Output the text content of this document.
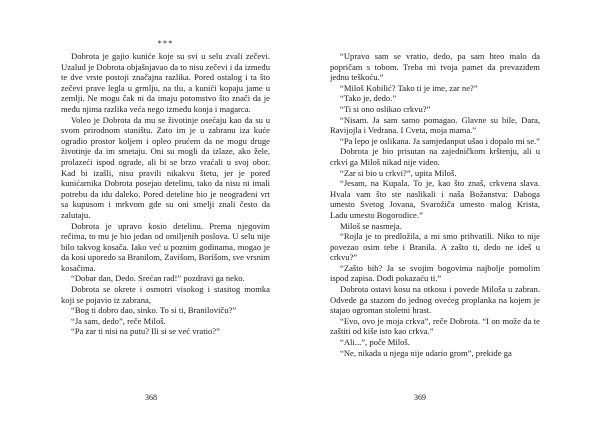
***

Dobrota je gajio kuniće koje su svi u selu zvali zečevi. Uzalud je Dobrota objašnjavao da to nisu zečevi i da između te dve vrste postoji značajna razlika. Pored ostalog i ta što zečevi prave legla u grmlju, na tlu, a kunići kopaju jame u zemlji. Ne mogu čak ni da imaju potomstvo što znači da je među njima razlika veća nego između konja i magarca.

Voleo je Dobrota da mu se životinje osećaju kao da su u svom prirodnom staništu. Zato im je u zabranu iza kuće ogradio prostor koljem i opleo prućem da ne mogu druge životinje da im smetaju. Oni su mogli da izlaze, ako žele, prolazeći ispod ograde, ali bi se brzo vraćali u svoj obor. Kad bi izašli, nisu pravili nikakvu štetu, jer je pored kunićarnika Dobrota posejao detelinu, tako da nisu ni imali potrebu da idu daleko. Pored deteline bio je neograđeni vrt sa kupusom i mrkvom gde su oni smelji znali često da zalutaju.

Dobrota je upravo kosio detelinu. Prema njegovim rečima, to mu je bio jedan od omiljenih poslova. U selu nije bilo takvog kosača. Iako već u poznim godinama, mogao je da kosi uporedo sa Branilom, Zavišom, Borišom, sve vrsnim kosačima.

“Dobar dan, Dedo. Srećan rad!” pozdravi ga neko.

Dobrota se okrete i osmotri visokog i stasitog momka koji se pojavio iz zabrana,

“Bog ti dobro dao, sinko. To si ti, Braniloviču?”

“Ja sam, dedo”, reče Miloš.

“Pa zar ti nisi na putu? Ili si se već vratio?”

368

“Upravo sam se vratio, dedo, pa sam hteo malo da popričam s tobom. Treba mi tvoja pamet da prevaziđem jednu teškoću.”

“Miloš Kobilić? Tako ti je ime, zar ne?”

“Tako je, dedo.”

“Ti si ono oslikao crkvu?”

“Nisam. Ja sam samo pomagao. Glavne su bile, Dara, Ravijojla i Vedrana. I Cveta, moja mama.”

“Pa lepo je oslikana. Ja samjedanput ušao i dopalo mi se.”

Dobrota je bio prisutan na zajedničkom krštenju, ali u crkvi ga Miloš nikad nije video.

“Zar si bio u crkvi?”, upita Miloš.

“Jesam, na Kupala. To je, kao što znaš, crkvena slava. Hvala vam što ste naslikali i naša Božanstva: Daboga umesto Svetog Jovana, Svarožiča umesto malog Krista, Ladu umesto Bogorodice.”

Miloš se nasmeja.

“Rojla je to predložila, a mi smo prihvatili. Niko to nije povezao osim tebe i Branila. A zašto ti, dedo ne ideš u crkvu?”

“Zašto bih? Ja se svojim bogovima najbolje pomolim ispod zapisa. Dođi pokazaću ti.”

Dobrota ostavi kosu na otkosu i povede Miloša u zabran. Odvede ga stazom do jednog ovećeg proplanka na kojem je stajao ogroman stoletni hrast.

“Evo, ovo je moja crkva”, reče Dobrota. “I on može da te zaštiti od kiše isto kao crkva.”

“Ali...”, poče Miloš.

“Ne, nikada u njega nije udario grom”, prekide ga

369
